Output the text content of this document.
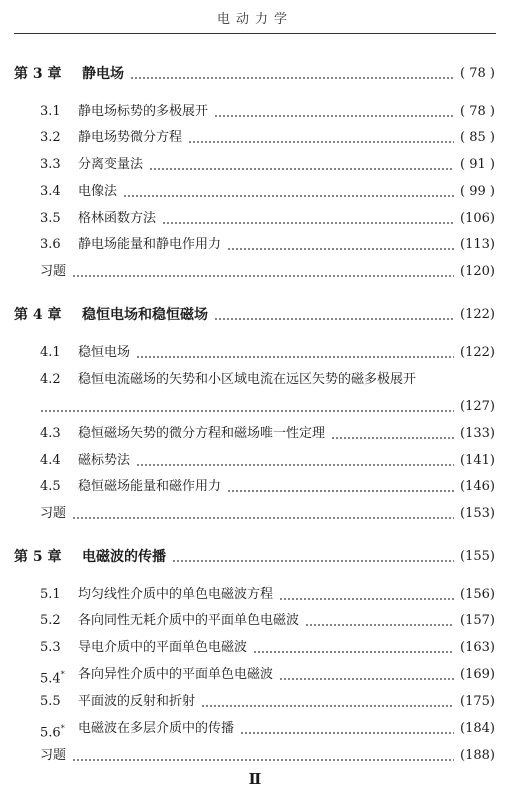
电动力学
第 3 章 静电场	( 78 )
3.1 静电场标势的多极展开	( 78 )
3.2 静电场势微分方程	( 85 )
3.3 分离变量法	( 91 )
3.4 电像法	( 99 )
3.5 格林函数方法	(106)
3.6 静电场能量和静电作用力	(113)
习题	(120)
第 4 章 稳恒电场和稳恒磁场	(122)
4.1 稳恒电场	(122)
4.2 稳恒电流磁场的矢势和小区域电流在远区矢势的磁多极展开
(127)
4.3 稳恒磁场矢势的微分方程和磁场唯一性定理	(133)
4.4 磁标势法	(141)
4.5 稳恒磁场能量和磁作用力	(146)
习题	(153)
第 5 章 电磁波的传播	(155)
5.1 均匀线性介质中的单色电磁波方程	(156)
5.2 各向同性无耗介质中的平面单色电磁波	(157)
5.3 导电介质中的平面单色电磁波	(163)
5.4* 各向异性介质中的平面单色电磁波	(169)
5.5 平面波的反射和折射	(175)
5.6* 电磁波在多层介质中的传播	(184)
习题	(188)
Ⅱ
